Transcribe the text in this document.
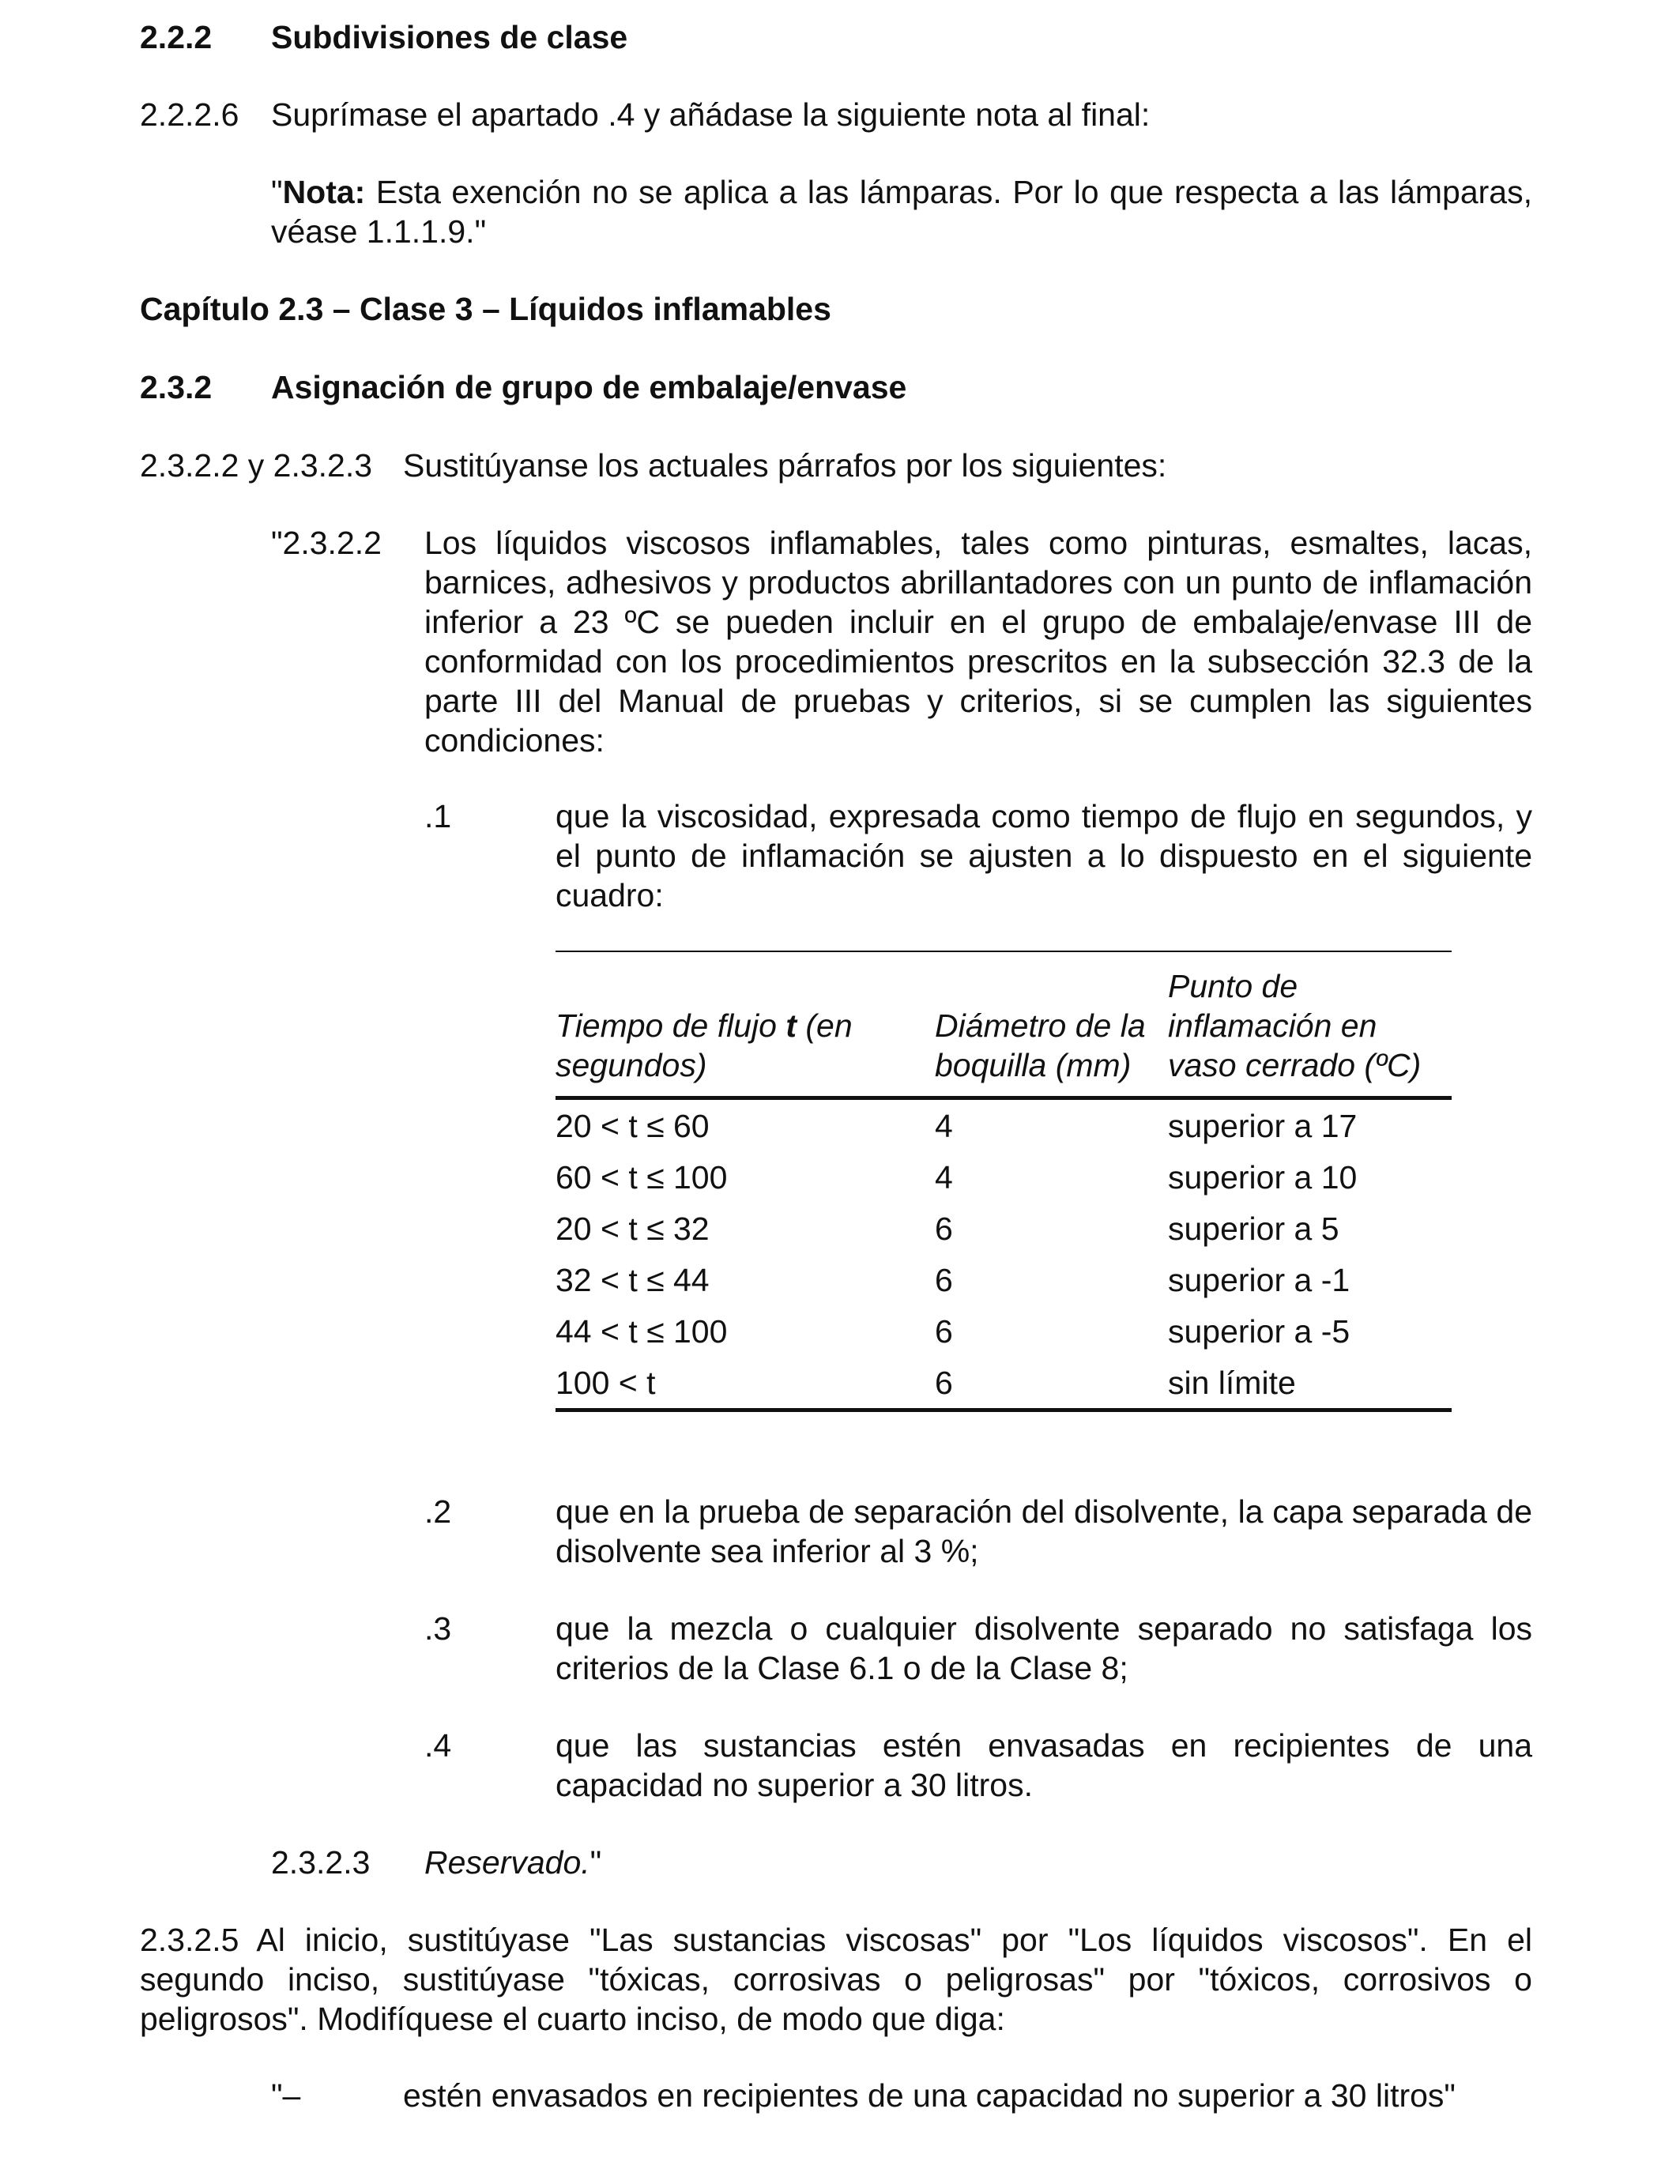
2.2.2 Subdivisiones de clase
2.2.2.6 Suprímase el apartado .4 y añádase la siguiente nota al final:

"Nota: Esta exención no se aplica a las lámparas. Por lo que respecta a las lámparas, véase 1.1.1.9."

Capítulo 2.3 – Clase 3 – Líquidos inflamables
2.3.2 Asignación de grupo de embalaje/envase
2.3.2.2 y 2.3.2.3 Sustitúyanse los actuales párrafos por los siguientes:
"2.3.2.2 Los líquidos viscosos inflamables, tales como pinturas, esmaltes, lacas, barnices, adhesivos y productos abrillantadores con un punto de inflamación inferior a 23 ºC se pueden incluir en el grupo de embalaje/envase III de conformidad con los procedimientos prescritos en la subsección 32.3 de la parte III del Manual de pruebas y criterios, si se cumplen las siguientes condiciones:

.1	que la viscosidad, expresada como tiempo de flujo en segundos, y el punto de inflamación se ajusten a lo dispuesto en el siguiente cuadro:

Tiempo de flujo t (en segundos)	Diámetro de la boquilla (mm)	Punto de inflamación en vaso cerrado (ºC)
20 < t ≤ 60	4	superior a 17
60 < t ≤ 100	4	superior a 10
20 < t ≤ 32	6	superior a 5
32 < t ≤ 44	6	superior a -1
44 < t ≤ 100	6	superior a -5
100 < t	6	sin límite
.2	que en la prueba de separación del disolvente, la capa separada de disolvente sea inferior al 3 %;

.3	que la mezcla o cualquier disolvente separado no satisfaga los criterios de la Clase 6.1 o de la Clase 8;

.4	que las sustancias estén envasadas en recipientes de una capacidad no superior a 30 litros.

2.3.2.3 Reservado."

2.3.2.5 Al inicio, sustitúyase "Las sustancias viscosas" por "Los líquidos viscosos". En el segundo inciso, sustitúyase "tóxicas, corrosivas o peligrosas" por "tóxicos, corrosivos o peligrosos". Modifíquese el cuarto inciso, de modo que diga:

"–	estén envasados en recipientes de una capacidad no superior a 30 litros"
